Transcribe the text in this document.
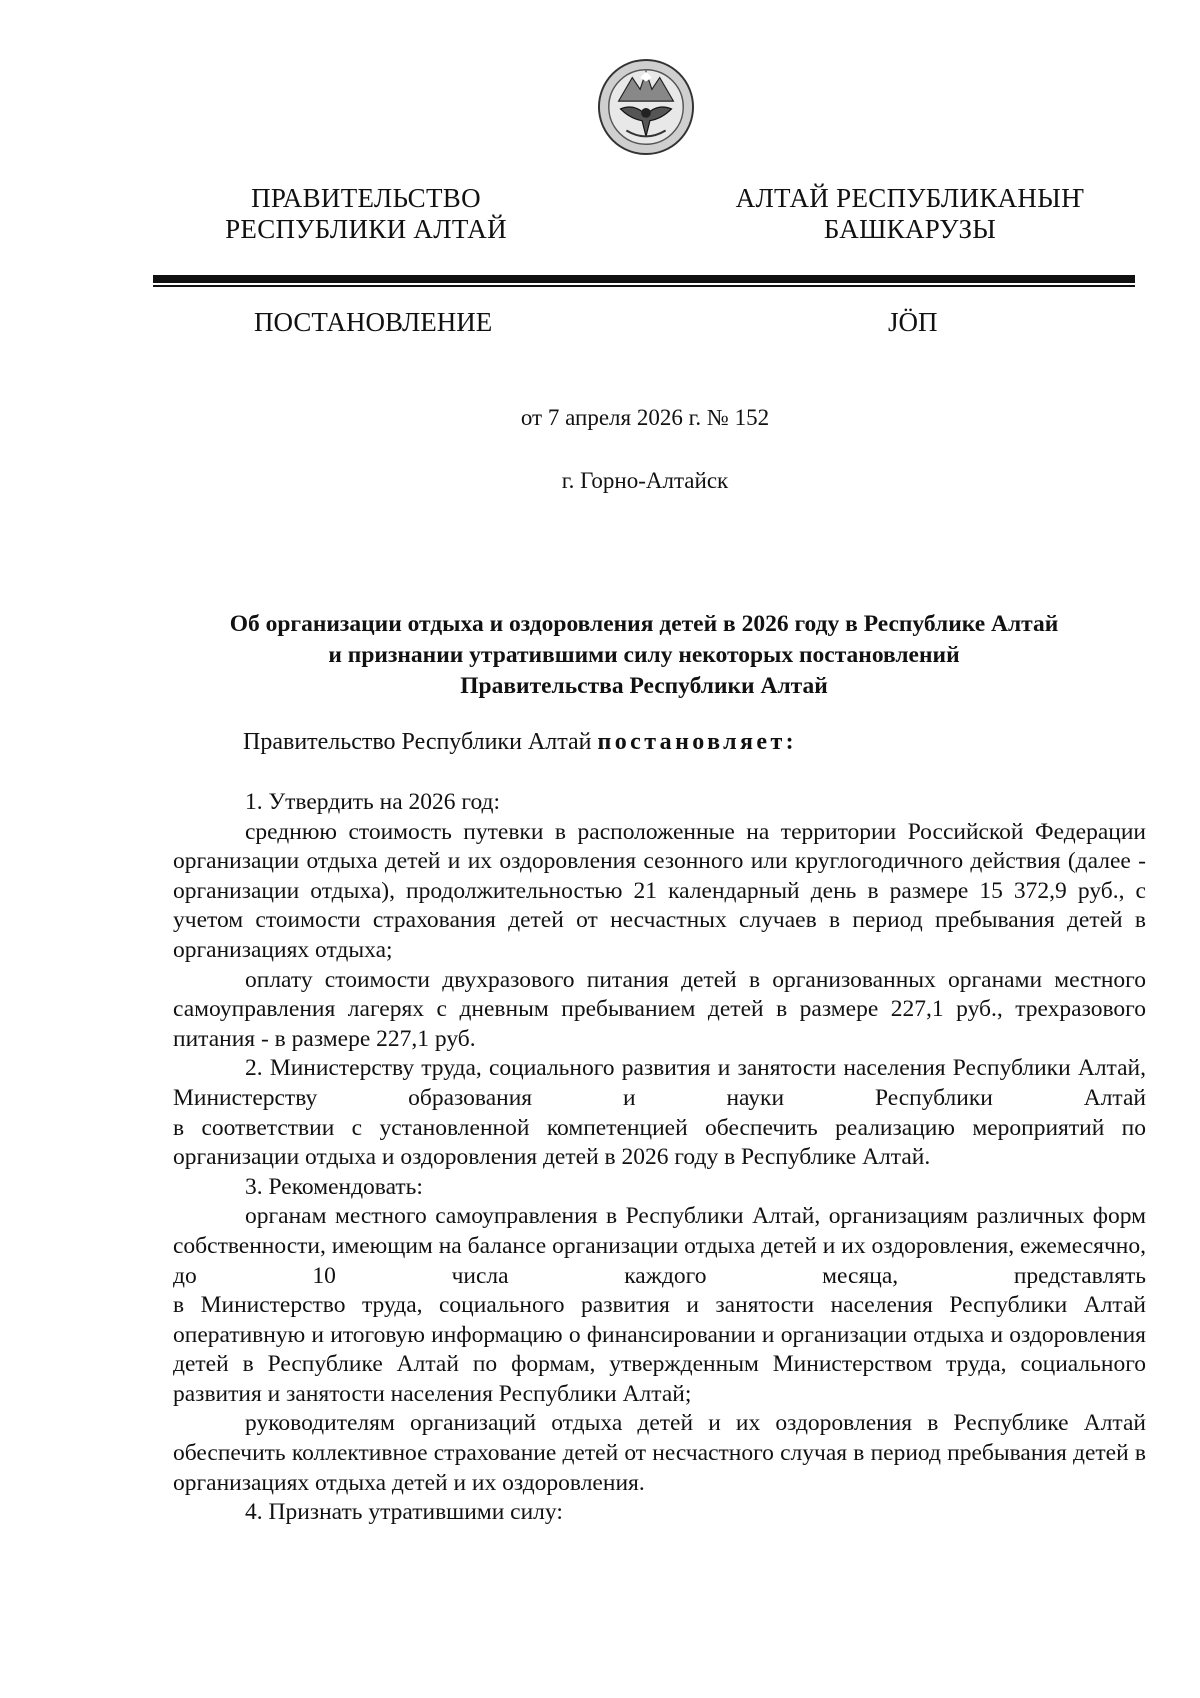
ПРАВИТЕЛЬСТВО
РЕСПУБЛИКИ АЛТАЙ
АЛТАЙ РЕСПУБЛИКАНЫҤ
БАШКАРУЗЫ
ПОСТАНОВЛЕНИЕ	JÖП
от 7 апреля 2026 г. № 152
г. Горно-Алтайск
Об организации отдыха и оздоровления детей в 2026 году в Республике Алтай
и признании утратившими силу некоторых постановлений
Правительства Республики Алтай
Правительство Республики Алтай постановляет:

1. Утвердить на 2026 год:

среднюю стоимость путевки в расположенные на территории Российской Федерации организации отдыха детей и их оздоровления сезонного или круглогодичного действия (далее - организации отдыха), продолжительностью 21 календарный день в размере 15 372,9 руб., с учетом стоимости страхования детей от несчастных случаев в период пребывания детей в организациях отдыха;

оплату стоимости двухразового питания детей в организованных органами местного самоуправления лагерях с дневным пребыванием детей в размере 227,1 руб., трехразового питания - в размере 227,1 руб.

2. Министерству труда, социального развития и занятости населения Республики Алтай, Министерству образования и науки Республики Алтай

в соответствии с установленной компетенцией обеспечить реализацию мероприятий по организации отдыха и оздоровления детей в 2026 году в Республике Алтай.

3. Рекомендовать:

органам местного самоуправления в Республики Алтай, организациям различных форм собственности, имеющим на балансе организации отдыха детей и их оздоровления, ежемесячно, до 10 числа каждого месяца, представлять

в Министерство труда, социального развития и занятости населения Республики Алтай оперативную и итоговую информацию о финансировании и организации отдыха и оздоровления детей в Республике Алтай по формам, утвержденным Министерством труда, социального развития и занятости населения Республики Алтай;

руководителям организаций отдыха детей и их оздоровления в Республике Алтай обеспечить коллективное страхование детей от несчастного случая в период пребывания детей в организациях отдыха детей и их оздоровления.

4. Признать утратившими силу:
